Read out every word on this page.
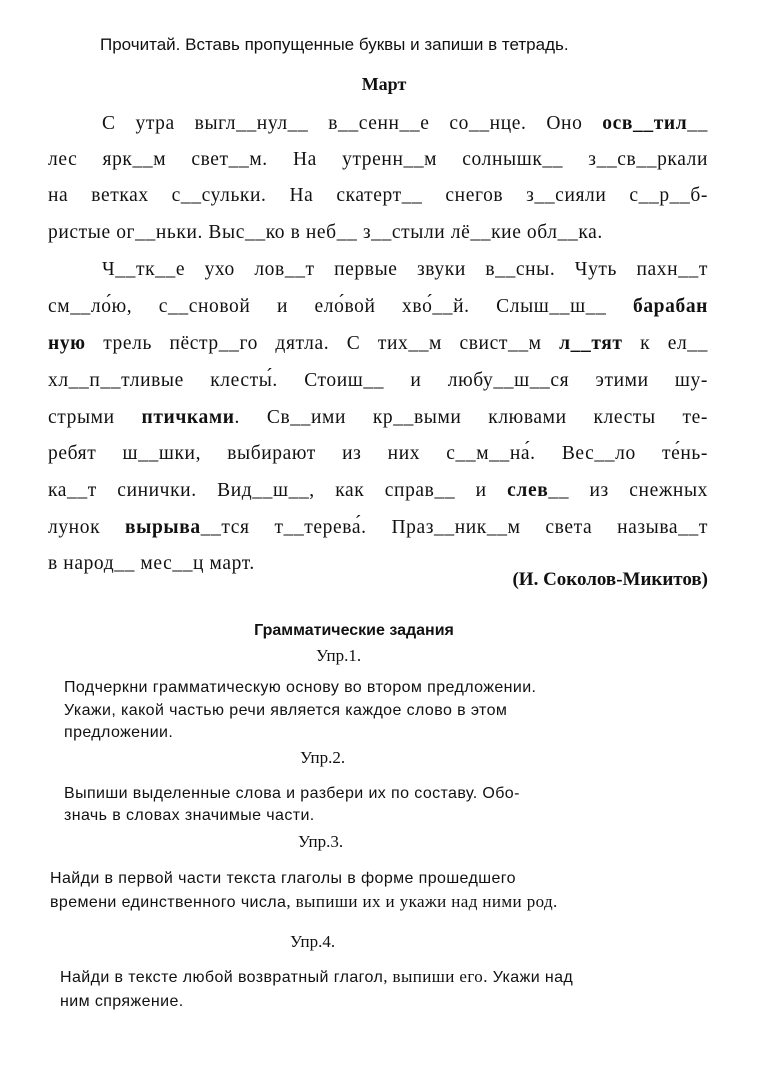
Прочитай. Вставь пропущенные буквы и запиши в тетрадь.
Март
С утра выгл__нул__ в__сенн__е со__нце. Оно осв__тил__
лес ярк__м свет__м. На утренн__м солнышк__ з__св__ркали
на ветках с__сульки. На скатерт__ снегов з__сияли с__р__б-
ристые ог__ньки. Выс__ко в неб__ з__стыли лё__кие обл__ка.
Ч__тк__е ухо лов__т первые звуки в__сны. Чуть пахн__т
см__ло́ю, с__сновой и ело́вой хво́__й. Слыш__ш__ барабан
ную трель пёстр__го дятла. С тих__м свист__м л__тят к ел__
хл__п__тливые клесты́. Стоиш__ и любу__ш__ся этими шу-
стрыми птичками. Св__ими кр__выми клювами клесты те-
ребят ш__шки, выбирают из них с__м__на́. Вес__ло те́нь-
ка__т синички. Вид__ш__, как справ__ и слев__ из снежных
лунок вырыва__тся т__терева́. Праз__ник__м света называ__т
в народ__ мес__ц март.
(И. Соколов-Микитов)
Грамматические задания
Упр.1.
Подчеркни грамматическую основу во втором предложении.
Укажи, какой частью речи является каждое слово в этом
предложении.
Упр.2.
Выпиши выделенные слова и разбери их по составу. Обо-
значь в словах значимые части.
Упр.3.
Найди в первой части текста глаголы в форме прошедшего
времени единственного числа, выпиши их и укажи над ними род.
Упр.4.
Найди в тексте любой возвратный глагол, выпиши его. Укажи над
ним спряжение.
